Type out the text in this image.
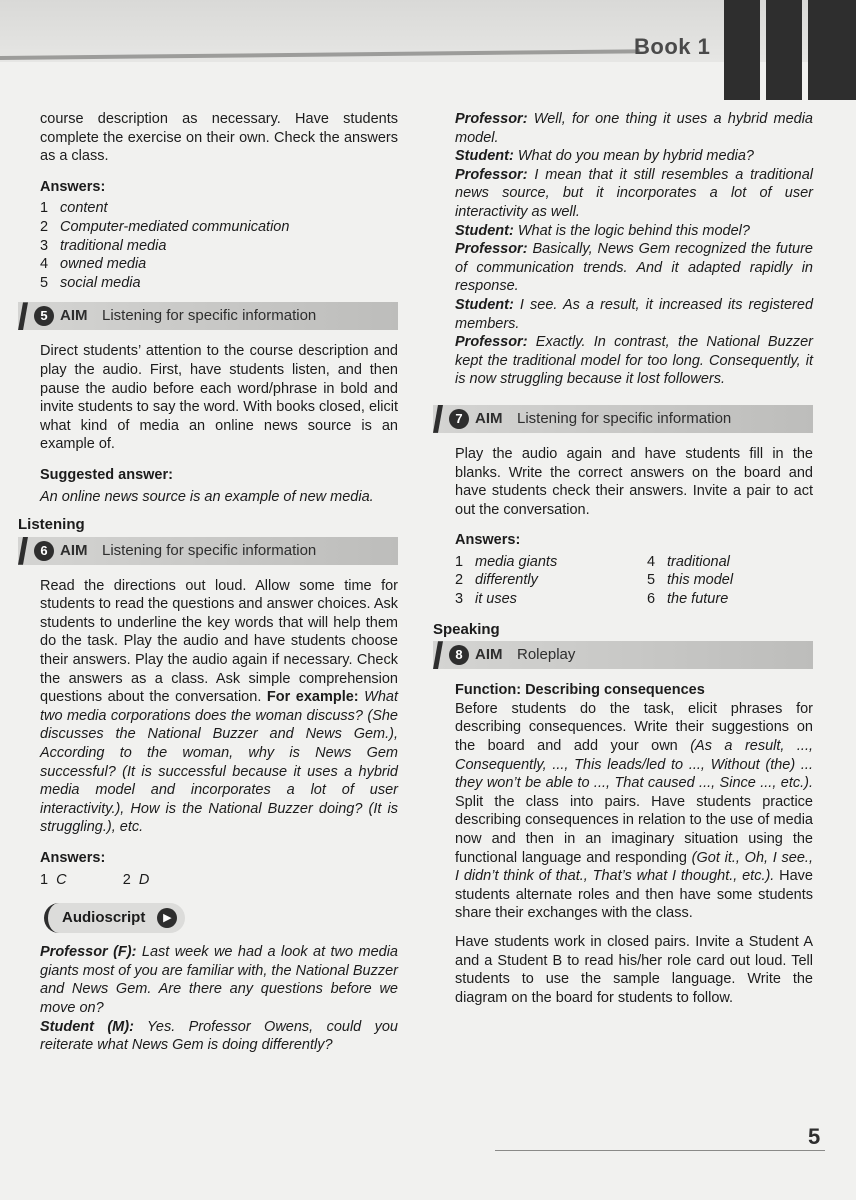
Book 1

course description as necessary. Have students complete the exercise on their own. Check the answers as a class.

Answers:

1 content
2 Computer-mediated communication
3 traditional media
4 owned media
5 social media
5 AIM Listening for specific information

Direct students’ attention to the course description and play the audio. First, have students listen, and then pause the audio before each word/phrase in bold and invite students to say the word. With books closed, elicit what kind of media an online news source is an example of.

Suggested answer:

An online news source is an example of new media.

Listening

6 AIM Listening for specific information

Read the directions out loud. Allow some time for students to read the questions and answer choices. Ask students to underline the key words that will help them do the task. Play the audio and have students choose their answers. Play the audio again if necessary. Check the answers as a class. Ask simple comprehension questions about the conversation. For example: What two media corporations does the woman discuss? (She discusses the National Buzzer and News Gem.), According to the woman, why is News Gem successful? (It is successful because it uses a hybrid media model and incorporates a lot of user interactivity.), How is the National Buzzer doing? (It is struggling.), etc.

Answers:

1 C	2 D

Audioscript	▶

Professor (F): Last week we had a look at two media giants most of you are familiar with, the National Buzzer and News Gem. Are there any questions before we move on?

Student (M): Yes. Professor Owens, could you reiterate what News Gem is doing differently?

Professor: Well, for one thing it uses a hybrid media model.

Student: What do you mean by hybrid media?

Professor: I mean that it still resembles a traditional news source, but it incorporates a lot of user interactivity as well.

Student: What is the logic behind this model?

Professor: Basically, News Gem recognized the future of communication trends. And it adapted rapidly in response.

Student: I see. As a result, it increased its registered members.

Professor: Exactly. In contrast, the National Buzzer kept the traditional model for too long. Consequently, it is now struggling because it lost followers.

7 AIM Listening for specific information

Play the audio again and have students fill in the blanks. Write the correct answers on the board and have students check their answers. Invite a pair to act out the conversation.

Answers:

1 media giants	4 traditional
2 differently	5 this model
3 it uses	6 the future

Speaking

8 AIM Roleplay

Function: Describing consequences

Before students do the task, elicit phrases for describing consequences. Write their suggestions on the board and add your own (As a result, ..., Consequently, ..., This leads/led to ..., Without (the) ... they won’t be able to ..., That caused ..., Since ..., etc.). Split the class into pairs. Have students practice describing consequences in relation to the use of media now and then in an imaginary situation using the functional language and responding (Got it., Oh, I see., I didn’t think of that., That’s what I thought., etc.). Have students alternate roles and then have some students share their exchanges with the class.

Have students work in closed pairs. Invite a Student A and a Student B to read his/her role card out loud. Tell students to use the sample language. Write the diagram on the board for students to follow.

5
